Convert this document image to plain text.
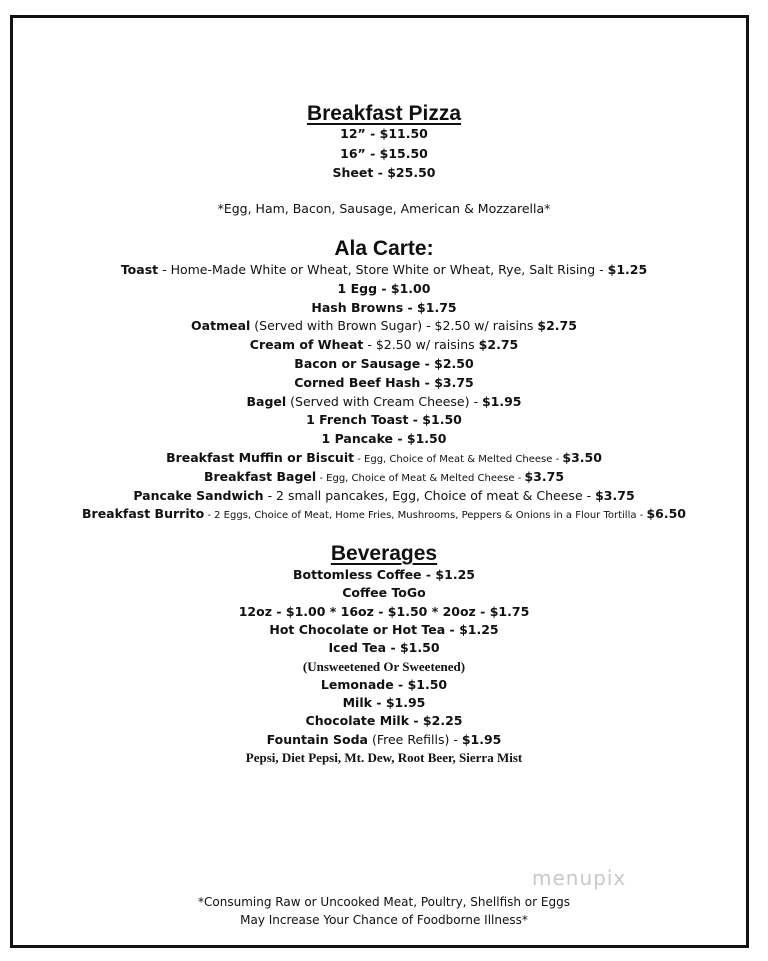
Breakfast Pizza
12” - $11.50
16” - $15.50
Sheet - $25.50
*Egg, Ham, Bacon, Sausage, American & Mozzarella*
Ala Carte:
Toast - Home-Made White or Wheat, Store White or Wheat, Rye, Salt Rising - $1.25
1 Egg - $1.00
Hash Browns - $1.75
Oatmeal (Served with Brown Sugar) - $2.50 w/ raisins $2.75
Cream of Wheat - $2.50 w/ raisins $2.75
Bacon or Sausage - $2.50
Corned Beef Hash - $3.75
Bagel (Served with Cream Cheese) - $1.95
1 French Toast - $1.50
1 Pancake - $1.50
Breakfast Muffin or Biscuit - Egg, Choice of Meat & Melted Cheese - $3.50
Breakfast Bagel - Egg, Choice of Meat & Melted Cheese - $3.75
Pancake Sandwich - 2 small pancakes, Egg, Choice of meat & Cheese - $3.75
Breakfast Burrito - 2 Eggs, Choice of Meat, Home Fries, Mushrooms, Peppers & Onions in a Flour Tortilla - $6.50
Beverages
Bottomless Coffee - $1.25
Coffee ToGo
12oz - $1.00 * 16oz - $1.50 * 20oz - $1.75
Hot Chocolate or Hot Tea - $1.25
Iced Tea - $1.50
(Unsweetened Or Sweetened)
Lemonade - $1.50
Milk - $1.95
Chocolate Milk - $2.25
Fountain Soda (Free Refills) - $1.95
Pepsi, Diet Pepsi, Mt. Dew, Root Beer, Sierra Mist
*Consuming Raw or Uncooked Meat, Poultry, Shellfish or Eggs
May Increase Your Chance of Foodborne Illness*
menupix
